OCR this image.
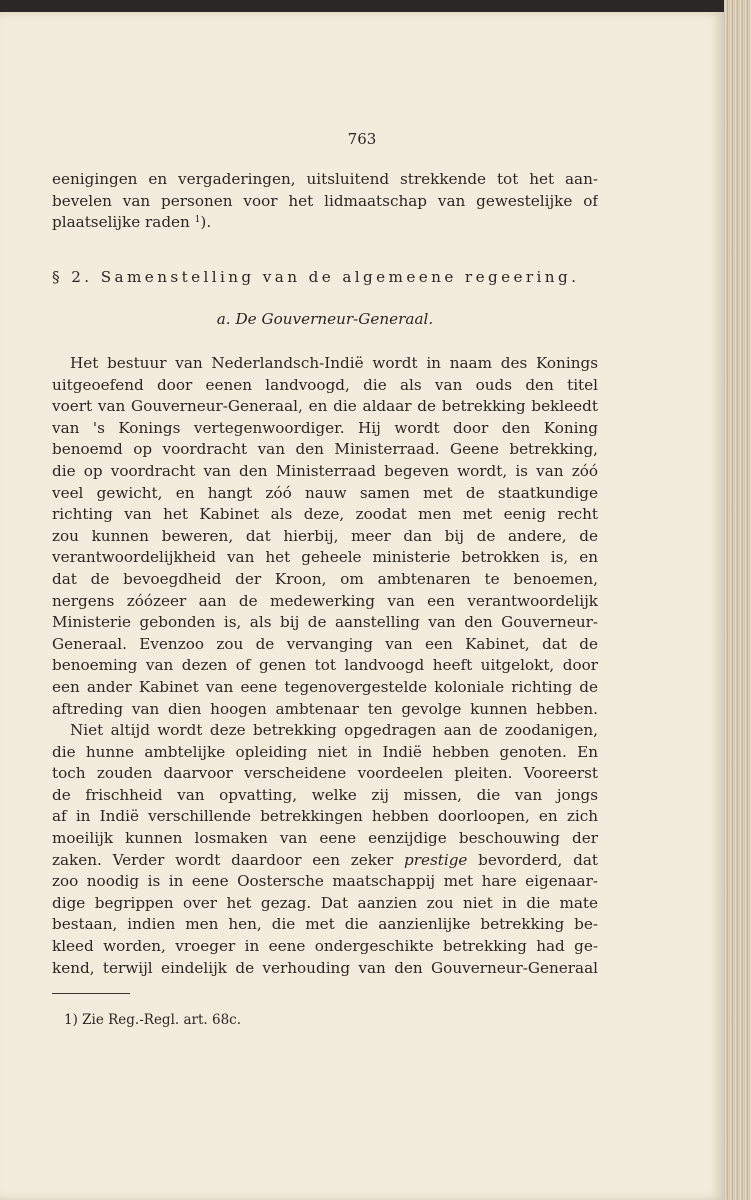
763
eenigingen en vergaderingen, uitsluitend strekkende tot het aan-
bevelen van personen voor het lidmaatschap van gewestelijke of
plaatselijke raden $^1$).
§ 2. Samenstelling van de algemeene regeering.
a. De Gouverneur-Generaal.
Het bestuur van Nederlandsch-Indië wordt in naam des Konings
uitgeoefend door eenen landvoogd, die als van ouds den titel
voert van Gouverneur-Generaal, en die aldaar de betrekking bekleedt
van 's Konings vertegenwoordiger. Hij wordt door den Koning
benoemd op voordracht van den Ministerraad. Geene betrekking,
die op voordracht van den Ministerraad begeven wordt, is van zóó
veel gewicht, en hangt zóó nauw samen met de staatkundige
richting van het Kabinet als deze, zoodat men met eenig recht
zou kunnen beweren, dat hierbij, meer dan bij de andere, de
verantwoordelijkheid van het geheele ministerie betrokken is, en
dat de bevoegdheid der Kroon, om ambtenaren te benoemen,
nergens zóózeer aan de medewerking van een verantwoordelijk
Ministerie gebonden is, als bij de aanstelling van den Gouverneur-
Generaal. Evenzoo zou de vervanging van een Kabinet, dat de
benoeming van dezen of genen tot landvoogd heeft uitgelokt, door
een ander Kabinet van eene tegenovergestelde koloniale richting de
aftreding van dien hoogen ambtenaar ten gevolge kunnen hebben.
Niet altijd wordt deze betrekking opgedragen aan de zoodanigen,
die hunne ambtelijke opleiding niet in Indië hebben genoten. En
toch zouden daarvoor verscheidene voordeelen pleiten. Vooreerst
de frischheid van opvatting, welke zij missen, die van jongs
af in Indië verschillende betrekkingen hebben doorloopen, en zich
moeilijk kunnen losmaken van eene eenzijdige beschouwing der
zaken. Verder wordt daardoor een zeker prestige bevorderd, dat
zoo noodig is in eene Oostersche maatschappij met hare eigenaar-
dige begrippen over het gezag. Dat aanzien zou niet in die mate
bestaan, indien men hen, die met die aanzienlijke betrekking be-
kleed worden, vroeger in eene ondergeschikte betrekking had ge-
kend, terwijl eindelijk de verhouding van den Gouverneur-Generaal
1) Zie Reg.-Regl. art. 68c.
